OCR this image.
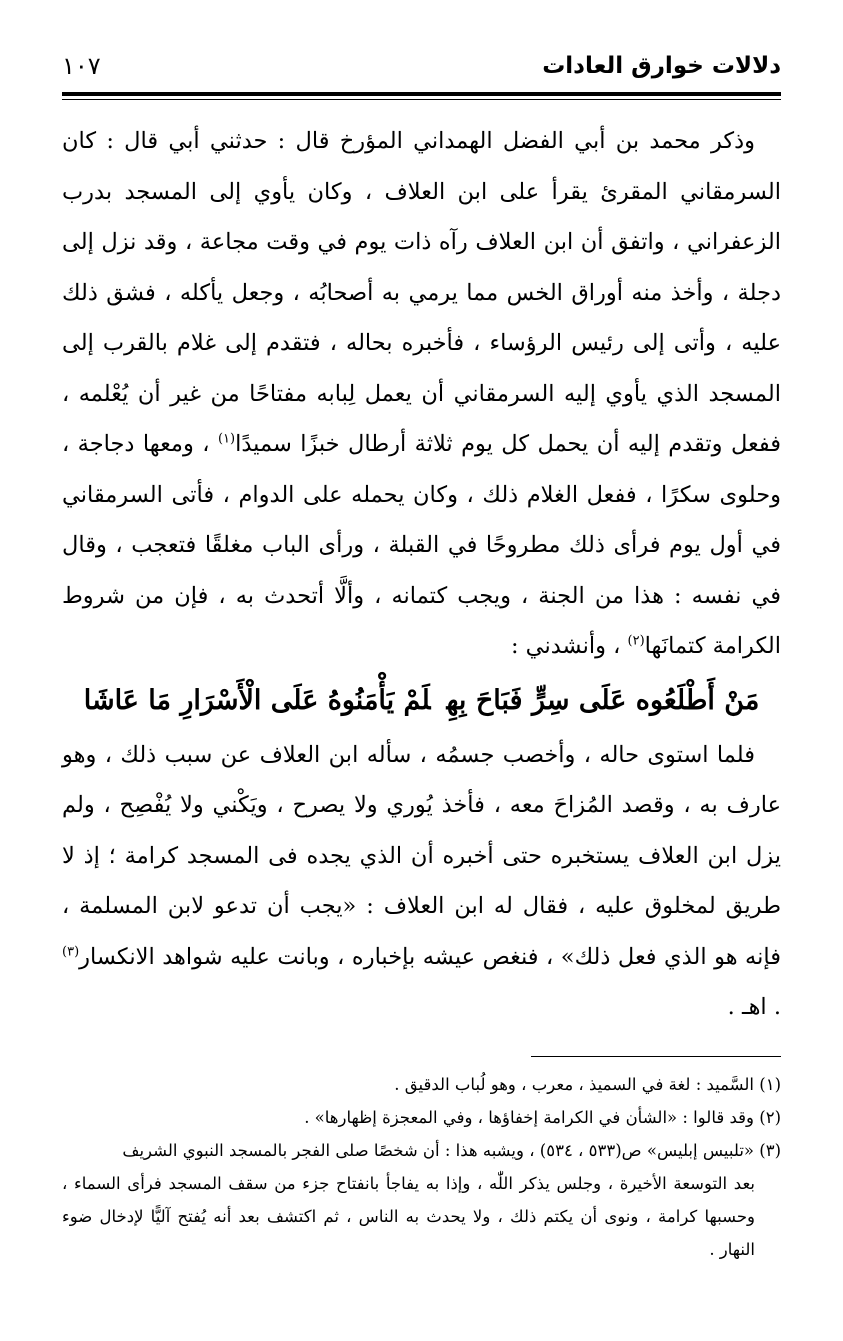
دلالات خوارق العادات
١٠٧

وذكر محمد بن أبي الفضل الهمداني المؤرخ قال : حدثني أبي قال : كان السرمقاني المقرئ يقرأ على ابن العلاف ، وكان يأوي إلى المسجد بدرب الزعفراني ، واتفق أن ابن العلاف رآه ذات يوم في وقت مجاعة ، وقد نزل إلى دجلة ، وأخذ منه أوراق الخس مما يرمي به أصحابُه ، وجعل يأكله ، فشق ذلك عليه ، وأتى إلى رئيس الرؤساء ، فأخبره بحاله ، فتقدم إلى غلام بالقرب إلى المسجد الذي يأوي إليه السرمقاني أن يعمل لِبابه مفتاحًا من غير أن يُعْلمه ، ففعل وتقدم إليه أن يحمل كل يوم ثلاثة أرطال خبزًا سميدًا$^{(١)}$ ، ومعها دجاجة ، وحلوى سكرًا ، ففعل الغلام ذلك ، وكان يحمله على الدوام ، فأتى السرمقاني في أول يوم فرأى ذلك مطروحًا في القبلة ، ورأى الباب مغلقًا فتعجب ، وقال في نفسه : هذا من الجنة ، ويجب كتمانه ، وألَّا أتحدث به ، فإن من شروط الكرامة كتمانَها$^{(٢)}$ ، وأنشدني :

مَنْ أَطْلَعُوه عَلَى سِرٍّ فَبَاحَ بِهِلَمْ يَأْمَنُوهُ عَلَى الْأَسْرَارِ مَا عَاشَا

فلما استوى حاله ، وأخصب جسمُه ، سأله ابن العلاف عن سبب ذلك ، وهو عارف به ، وقصد المُزاحَ معه ، فأخذ يُوري ولا يصرح ، ويَكْني ولا يُفْصِح ، ولم يزل ابن العلاف يستخبره حتى أخبره أن الذي يجده فى المسجد كرامة ؛ إذ لا طريق لمخلوق عليه ، فقال له ابن العلاف : «يجب أن تدعو لابن المسلمة ، فإنه هو الذي فعل ذلك» ، فنغص عيشه بإخباره ، وبانت عليه شواهد الانكسار$^{(٣)}$ . اهـ .

(١) السَّميد : لغة في السميذ ، معرب ، وهو لُباب الدقيق .

(٢) وقد قالوا : «الشأن في الكرامة إخفاؤها ، وفي المعجزة إظهارها» .

(٣) «تلبيس إبليس» ص(٥٣٣ ، ٥٣٤) ، ويشبه هذا : أن شخصًا صلى الفجر بالمسجد النبوي الشريف

بعد التوسعة الأخيرة ، وجلس يذكر اللّٰه ، وإذا به يفاجأ بانفتاح جزء من سقف المسجد فرأى السماء ، وحسبها كرامة ، ونوى أن يكتم ذلك ، ولا يحدث به الناس ، ثم اكتشف بعد أنه يُفتح آليًّا لإدخال ضوء النهار .
